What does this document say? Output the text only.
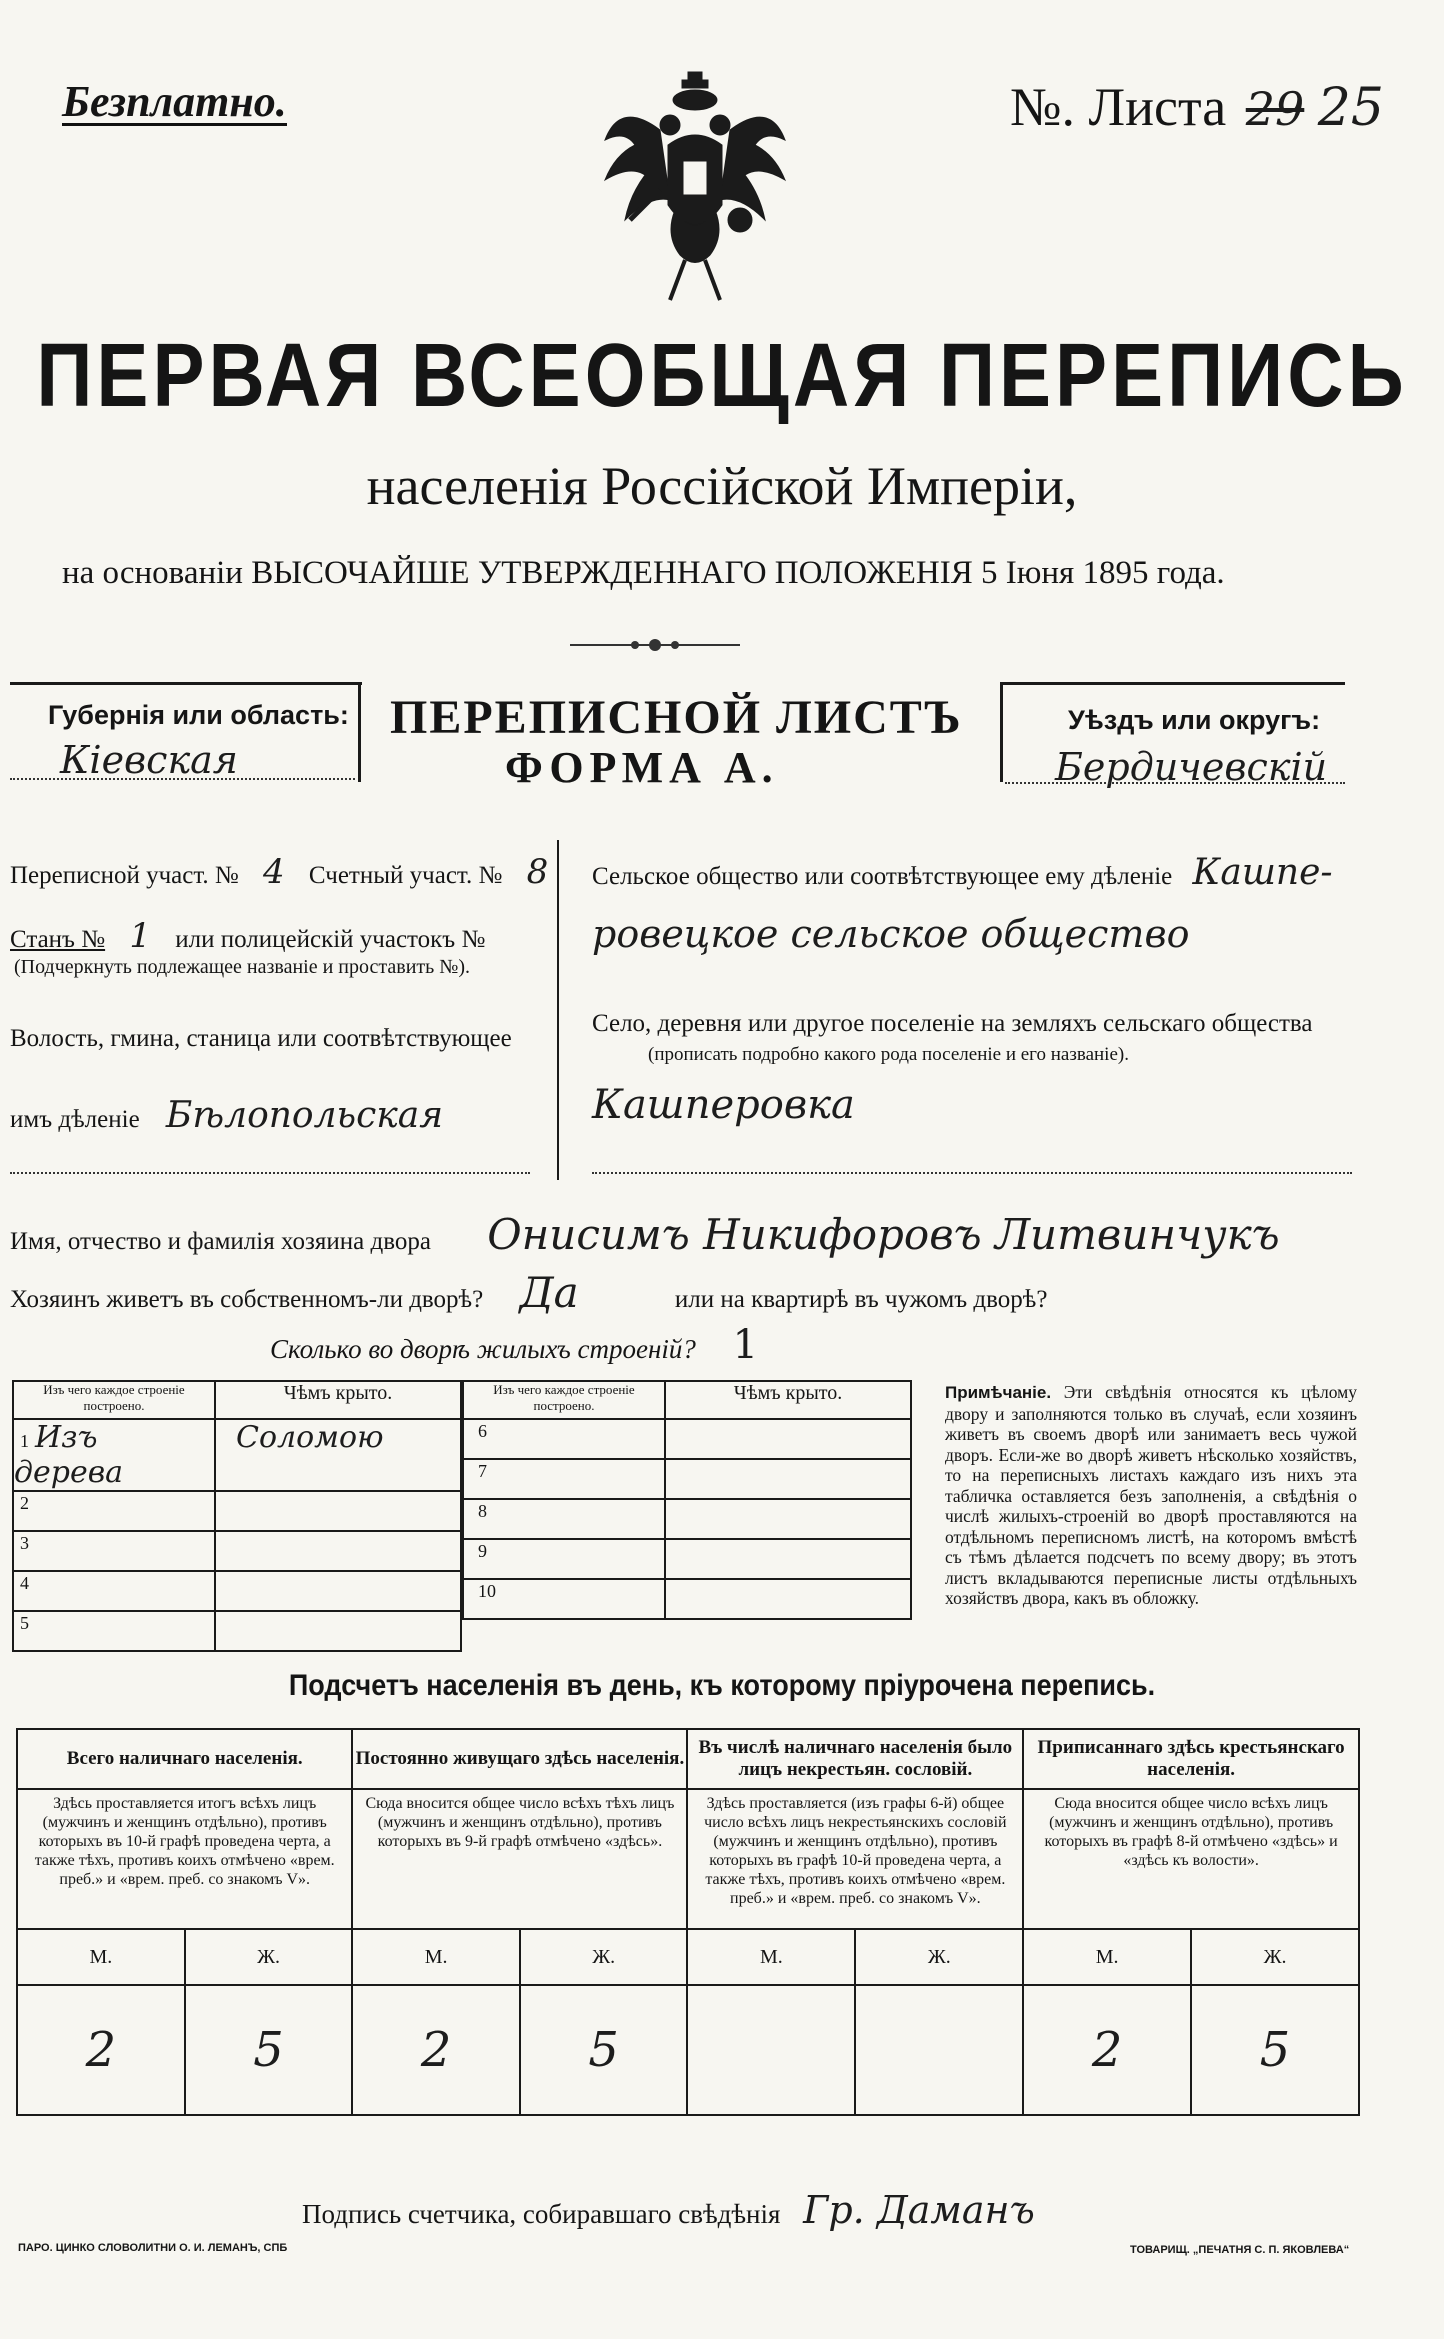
Безплатно.	№. Листа 29 25
ПЕРВАЯ ВСЕОБЩАЯ ПЕРЕПИСЬ
населенія Россійской Имперіи,
на основаніи ВЫСОЧАЙШЕ УТВЕРЖДЕННАГО ПОЛОЖЕНІЯ 5 Іюня 1895 года.
Губернія или область:
Кіевская
ПЕРЕПИСНОЙ ЛИСТЪ
ФОРМА А.
Уѣздъ или округъ:
Бердичевскій
Переписной участ. № 4 Счетный участ. № 8
Станъ № 1 или полицейскій участокъ №
(Подчеркнуть подлежащее названіе и проставить №).
Волость, гмина, станица или соотвѣтствующее
имъ дѣленіе Бѣлопольская
Сельское общество или соотвѣтствующее ему дѣленіе Кашпе-
ровецкое сельское общество
Село, деревня или другое поселеніе на земляхъ сельскаго общества
(прописать подробно какого рода поселеніе и его названіе).
Кашперовка
Имя, отчество и фамилія хозяина двора Онисимъ Никифоровъ Литвинчукъ
Хозяинъ живетъ въ собственномъ-ли дворѣ? Да	или на квартирѣ въ чужомъ дворѣ?
Сколько во дворѣ жилыхъ строеній? 1
Изъ чего каждое строеніе построено.	Чѣмъ крыто.
1 Изъ дерева	Соломою
2	
3	
4	
5	
Изъ чего каждое строеніе построено.	Чѣмъ крыто.
6	
7	
8	
9	
10	
Примѣчаніе. Эти свѣдѣнія относятся къ цѣлому двору и заполняются только въ случаѣ, если хозяинъ живетъ въ своемъ дворѣ или занимаетъ весь чужой дворъ. Если-же во дворѣ живетъ нѣсколько хозяйствъ, то на переписныхъ листахъ каждаго изъ нихъ эта табличка оставляется безъ заполненія, а свѣдѣнія о числѣ жилыхъ-строеній во дворѣ проставляются на отдѣльномъ переписномъ листѣ, на которомъ вмѣстѣ съ тѣмъ дѣлается подсчетъ по всему двору; въ этотъ листъ вкладываются переписные листы отдѣльныхъ хозяйствъ двора, какъ въ обложку.
Подсчетъ населенія въ день, къ которому пріурочена перепись.
Всего наличнаго населенія.		Постоянно живущаго здѣсь населенія.		Въ числѣ наличнаго населенія было лицъ некрестьян. сословій.		Приписаннаго здѣсь крестьянскаго населенія.	
Здѣсь проставляется итогъ всѣхъ лицъ (мужчинъ и женщинъ отдѣльно), противъ которыхъ въ 10-й графѣ проведена черта, а также тѣхъ, противъ коихъ отмѣчено «врем. преб.» и «врем. преб. со знакомъ V».		Сюда вносится общее число всѣхъ тѣхъ лицъ (мужчинъ и женщинъ отдѣльно), противъ которыхъ въ 9-й графѣ отмѣчено «здѣсь».		Здѣсь проставляется (изъ графы 6-й) общее число всѣхъ лицъ некрестьянскихъ сословій (мужчинъ и женщинъ отдѣльно), противъ которыхъ въ графѣ 10-й проведена черта, а также тѣхъ, противъ коихъ отмѣчено «врем. преб.» и «врем. преб. со знакомъ V».		Сюда вносится общее число всѣхъ лицъ (мужчинъ и женщинъ отдѣльно), противъ которыхъ въ графѣ 8-й отмѣчено «здѣсь» и «здѣсь къ волости».	
М.	Ж.	М.	Ж.	М.	Ж.	М.	Ж.
2	5	2	5			2	5
Подпись счетчика, собиравшаго свѣдѣнія Гр. Даманъ
ПАРО. ЦИНКО СЛОВОЛИТНИ О. И. ЛЕМАНЪ, СПБ	ТОВАРИЩ. „ПЕЧАТНЯ С. П. ЯКОВЛЕВА“
